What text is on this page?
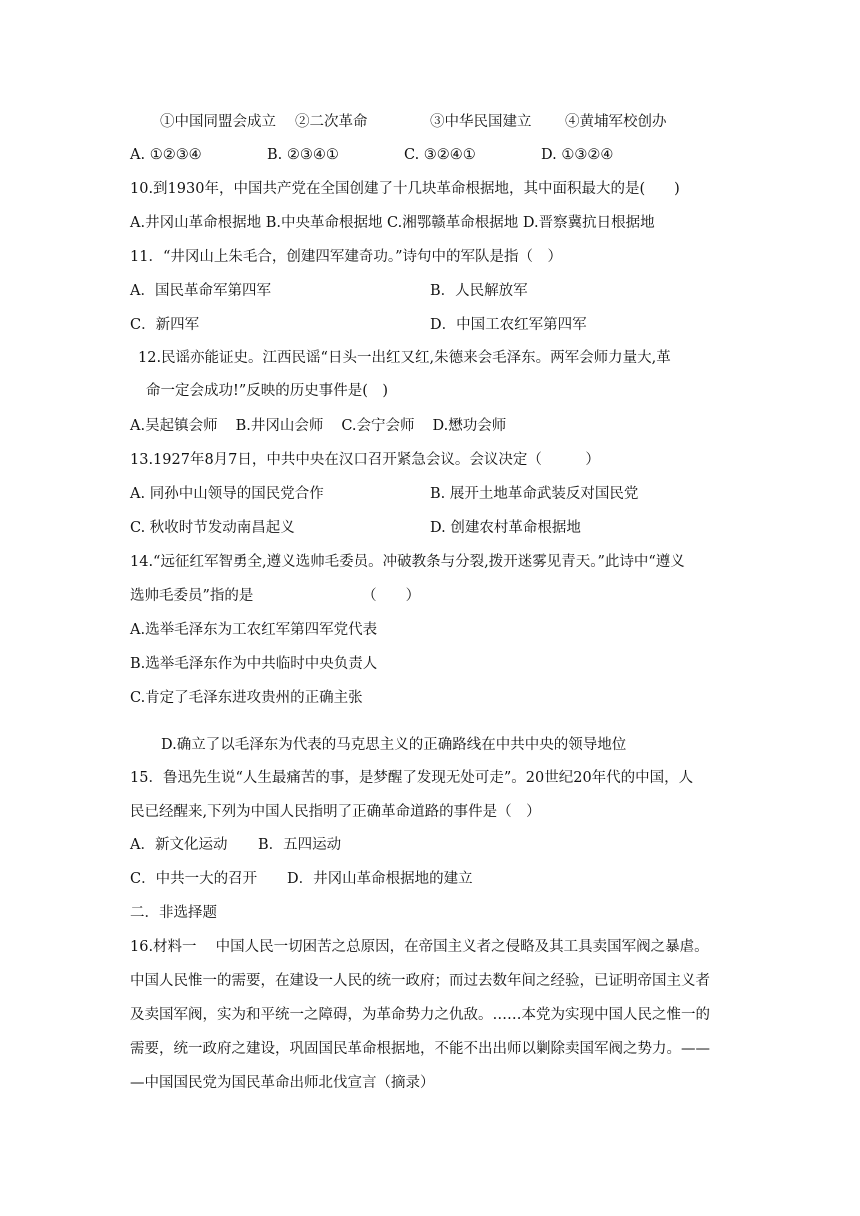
①中国同盟会成立	②二次革命	③中华民国建立	④黄埔军校创办
A. ①②③④	B. ②③④①	C. ③②④①	D. ①③②④
10.到1930年，中国共产党在全国创建了十几块革命根据地，其中面积最大的是(　　)
A.井冈山革命根据地 B.中央革命根据地 C.湘鄂赣革命根据地 D.晋察冀抗日根据地
11．“井冈山上朱毛合，创建四军建奇功。”诗句中的军队是指（　）
A．国民革命军第四军	B．人民解放军
C．新四军	D．中国工农红军第四军
12.民谣亦能证史。江西民谣“日头一出红又红,朱德来会毛泽东。两军会师力量大,革
命一定会成功!”反映的历史事件是(　)
A.吴起镇会师 B.井冈山会师 C.会宁会师 D.懋功会师
13.1927年8月7日，中共中央在汉口召开紧急会议。会议决定（　　　）
A. 同孙中山领导的国民党合作	B. 展开土地革命武装反对国民党
C. 秋收时节发动南昌起义	D. 创建农村革命根据地
14.“远征红军智勇全,遵义选帅毛委员。冲破教条与分裂,拨开迷雾见青天。”此诗中“遵义
选帅毛委员”指的是　　　　　　　　（　　）
A.选举毛泽东为工农红军第四军党代表
B.选举毛泽东作为中共临时中央负责人
C.肯定了毛泽东进攻贵州的正确主张
D.确立了以毛泽东为代表的马克思主义的正确路线在中共中央的领导地位
15．鲁迅先生说“人生最痛苦的事，是梦醒了发现无处可走”。20世纪20年代的中国，人
民已经醒来,下列为中国人民指明了正确革命道路的事件是（　）
A．新文化运动	B．五四运动
C．中共一大的召开	D．井冈山革命根据地的建立
二．非选择题
16.材料一　 中国人民一切困苦之总原因，在帝国主义者之侵略及其工具卖国军阀之暴虐。
中国人民惟一的需要，在建设一人民的统一政府；而过去数年间之经验，已证明帝国主义者
及卖国军阀，实为和平统一之障碍，为革命势力之仇敌。……本党为实现中国人民之惟一的
需要，统一政府之建设，巩固国民革命根据地，不能不出出师以剿除卖国军阀之势力。——
—中国国民党为国民革命出师北伐宣言（摘录）
